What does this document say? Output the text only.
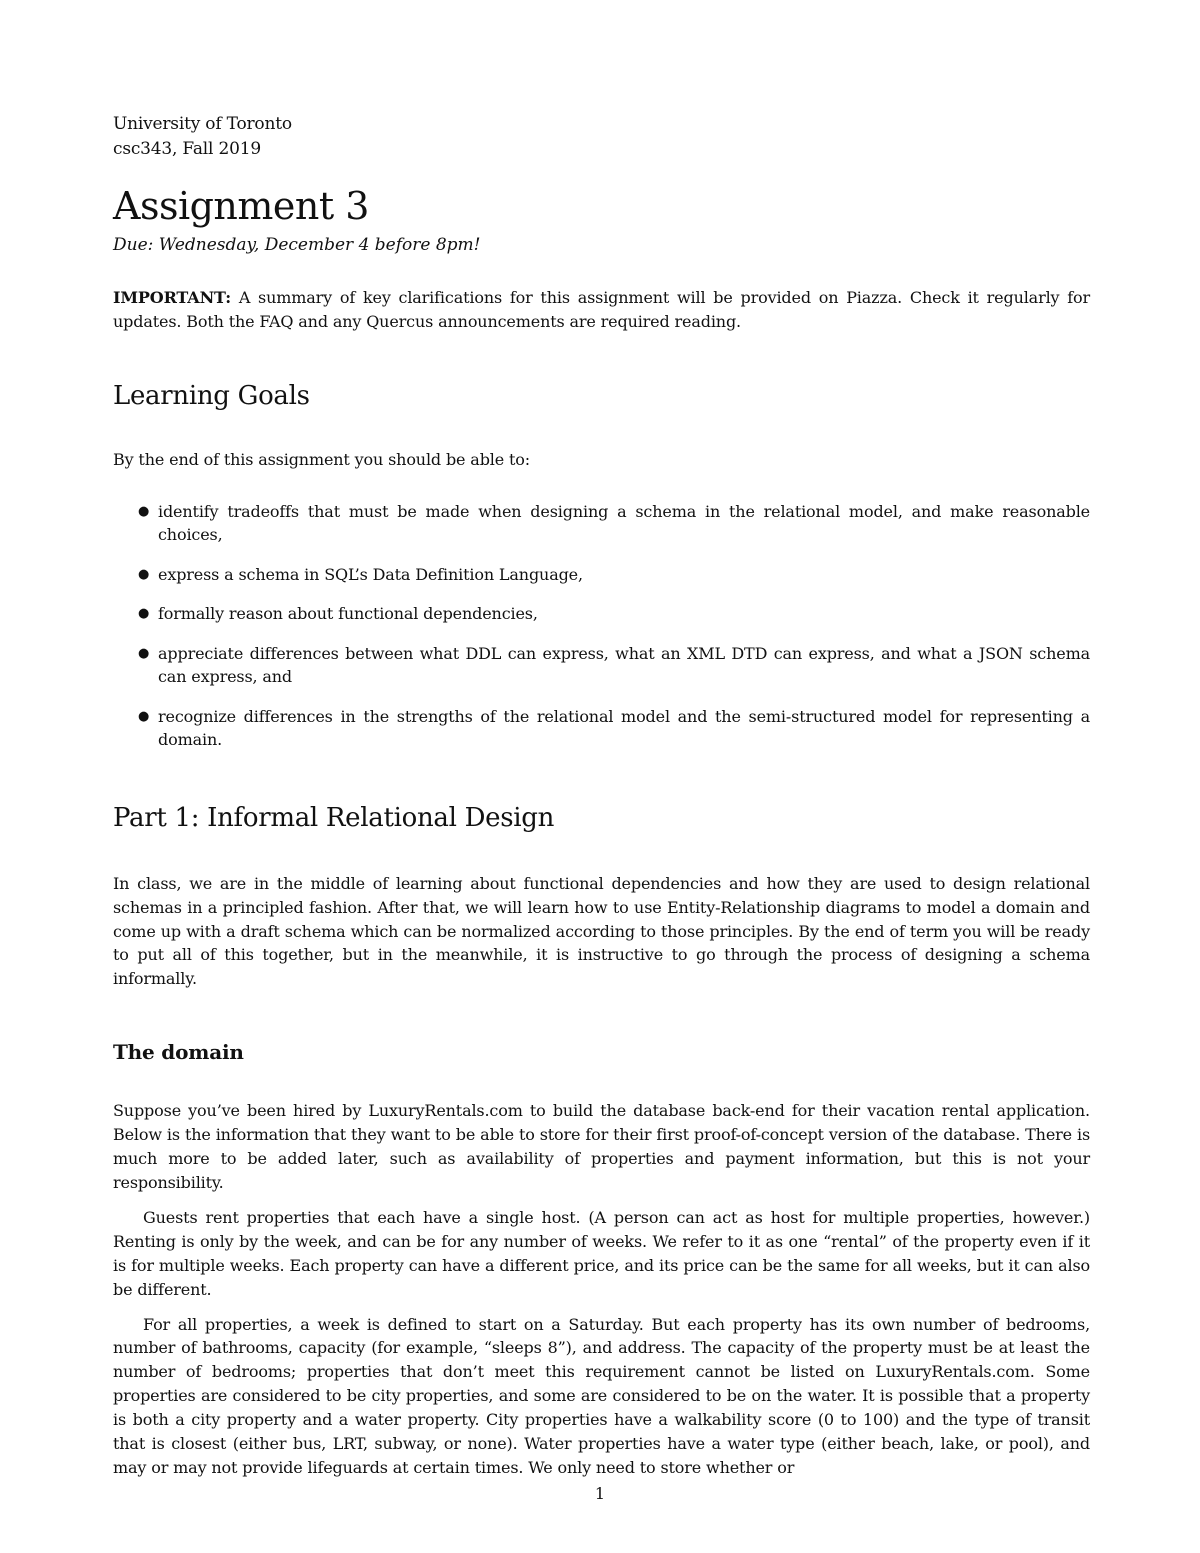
University of Toronto
csc343, Fall 2019
Assignment 3
Due: Wednesday, December 4 before 8pm!

IMPORTANT: A summary of key clarifications for this assignment will be provided on Piazza. Check it regularly for updates. Both the FAQ and any Quercus announcements are required reading.

Learning Goals

By the end of this assignment you should be able to:

● identify tradeoffs that must be made when designing a schema in the relational model, and make reasonable choices,
● express a schema in SQL’s Data Definition Language,
● formally reason about functional dependencies,
● appreciate differences between what DDL can express, what an XML DTD can express, and what a JSON schema can express, and
● recognize differences in the strengths of the relational model and the semi-structured model for representing a domain.
Part 1: Informal Relational Design

In class, we are in the middle of learning about functional dependencies and how they are used to design relational schemas in a principled fashion. After that, we will learn how to use Entity-Relationship diagrams to model a domain and come up with a draft schema which can be normalized according to those principles. By the end of term you will be ready to put all of this together, but in the meanwhile, it is instructive to go through the process of designing a schema informally.

The domain

Suppose you’ve been hired by LuxuryRentals.com to build the database back-end for their vacation rental application. Below is the information that they want to be able to store for their first proof-of-concept version of the database. There is much more to be added later, such as availability of properties and payment information, but this is not your responsibility.

Guests rent properties that each have a single host. (A person can act as host for multiple properties, however.) Renting is only by the week, and can be for any number of weeks. We refer to it as one “rental” of the property even if it is for multiple weeks. Each property can have a different price, and its price can be the same for all weeks, but it can also be different.

For all properties, a week is defined to start on a Saturday. But each property has its own number of bedrooms, number of bathrooms, capacity (for example, “sleeps 8”), and address. The capacity of the property must be at least the number of bedrooms; properties that don’t meet this requirement cannot be listed on LuxuryRentals.com. Some properties are considered to be city properties, and some are considered to be on the water. It is possible that a property is both a city property and a water property. City properties have a walkability score (0 to 100) and the type of transit that is closest (either bus, LRT, subway, or none). Water properties have a water type (either beach, lake, or pool), and may or may not provide lifeguards at certain times. We only need to store whether or

1
